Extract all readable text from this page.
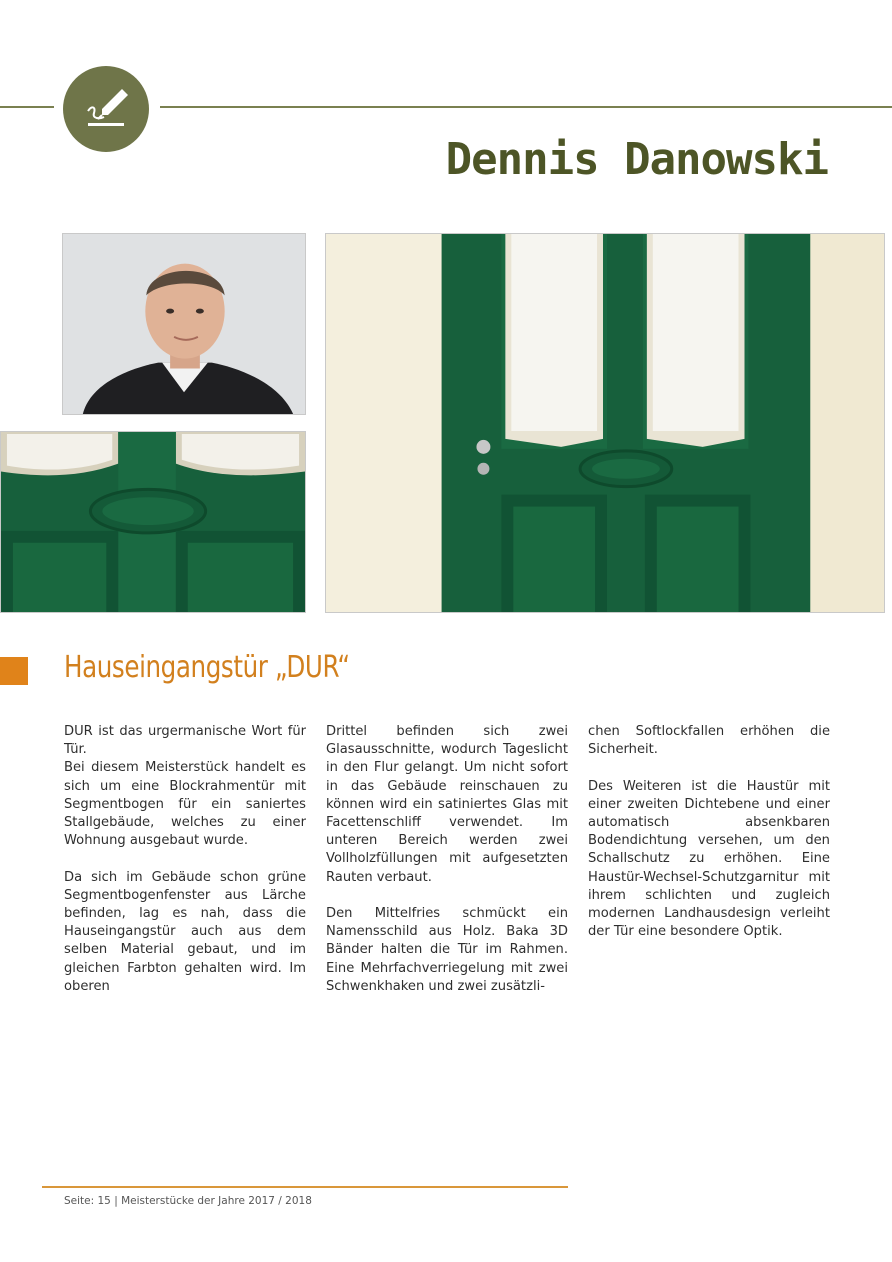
Dennis Danowski
Hauseingangstür „DUR“

DUR ist das urgermanische Wort für Tür.
Bei diesem Meisterstück handelt es sich um eine Blockrahmentür mit Segmentbogen für ein saniertes Stallgebäude, welches zu einer Wohnung ausgebaut wurde.

Da sich im Gebäude schon grüne Segmentbogenfenster aus Lärche befinden, lag es nah, dass die Hauseingangstür auch aus dem selben Material gebaut, und im gleichen Farbton gehalten wird. Im oberen

Drittel befinden sich zwei Glasausschnitte, wodurch Tageslicht in den Flur gelangt. Um nicht sofort in das Gebäude reinschauen zu können wird ein satiniertes Glas mit Facettenschliff verwendet. Im unteren Bereich werden zwei Vollholzfüllungen mit aufgesetzten Rauten verbaut.

Den Mittelfries schmückt ein Namensschild aus Holz. Baka 3D Bänder halten die Tür im Rahmen. Eine Mehrfachverriegelung mit zwei Schwenkhaken und zwei zusätzli-

chen Softlockfallen erhöhen die Sicherheit.

Des Weiteren ist die Haustür mit einer zweiten Dichtebene und einer automatisch absenkbaren Bodendichtung versehen, um den Schallschutz zu erhöhen. Eine Haustür-Wechsel-Schutzgarnitur mit ihrem schlichten und zugleich modernen Landhausdesign verleiht der Tür eine besondere Optik.

Seite: 15 | Meisterstücke der Jahre 2017 / 2018
